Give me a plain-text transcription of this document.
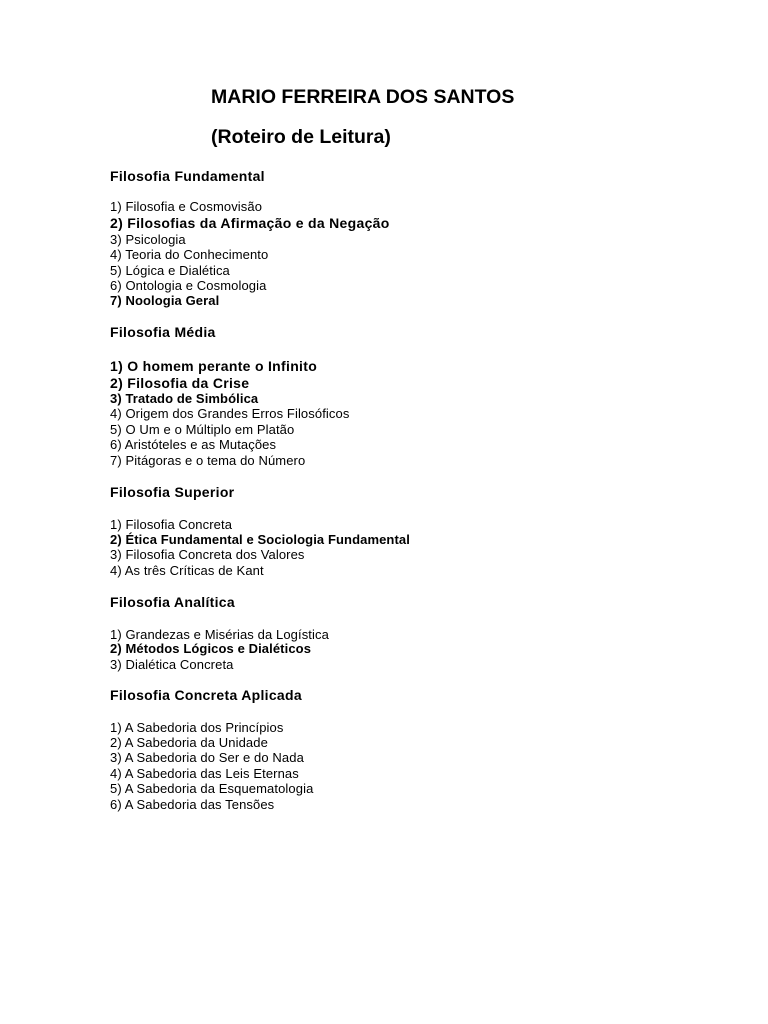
MARIO FERREIRA DOS SANTOS
(Roteiro de Leitura)
Filosofia Fundamental
1) Filosofia e Cosmovisão
2) Filosofias da Afirmação e da Negação
3) Psicologia
4) Teoria do Conhecimento
5) Lógica e Dialética
6) Ontologia e Cosmologia
7) Noologia Geral
Filosofia Média
1) O homem perante o Infinito
2) Filosofia da Crise
3) Tratado de Simbólica
4) Origem dos Grandes Erros Filosóficos
5) O Um e o Múltiplo em Platão
6) Aristóteles e as Mutações
7) Pitágoras e o tema do Número
Filosofia Superior
1) Filosofia Concreta
2) Ética Fundamental e Sociologia Fundamental
3) Filosofia Concreta dos Valores
4) As três Críticas de Kant
Filosofia Analítica
1) Grandezas e Misérias da Logística
2) Métodos Lógicos e Dialéticos
3) Dialética Concreta
Filosofia Concreta Aplicada
1) A Sabedoria dos Princípios
2) A Sabedoria da Unidade
3) A Sabedoria do Ser e do Nada
4) A Sabedoria das Leis Eternas
5) A Sabedoria da Esquematologia
6) A Sabedoria das Tensões
